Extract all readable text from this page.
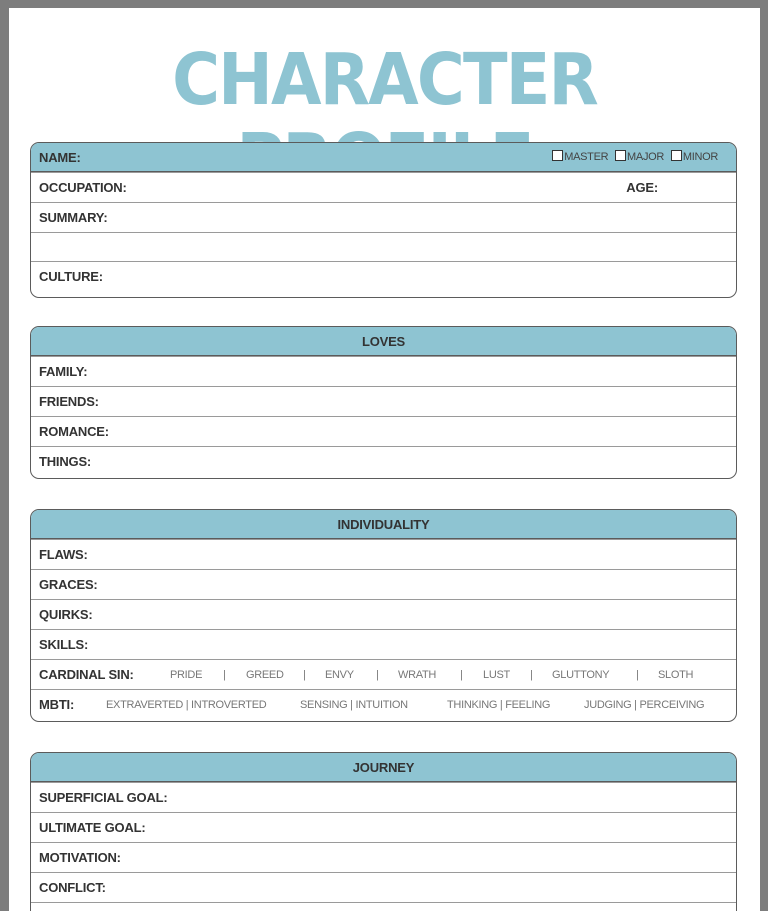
CHARACTER
NAME:	MASTER MAJOR MINOR
OCCUPATION:	AGE:
SUMMARY:
CULTURE:
LOVES
FAMILY:
FRIENDS:
ROMANCE:
THINGS:
INDIVIDUALITY
FLAWS:
GRACES:
QUIRKS:
SKILLS:
CARDINAL SIN:	PRIDE | GREED | ENVY | WRATH | LUST | GLUTTONY | SLOTH
MBTI:	EXTRAVERTED | INTROVERTED	SENSING | INTUITION	THINKING | FEELING	JUDGING | PERCEIVING
JOURNEY
SUPERFICIAL GOAL:
ULTIMATE GOAL:
MOTIVATION:
CONFLICT:
